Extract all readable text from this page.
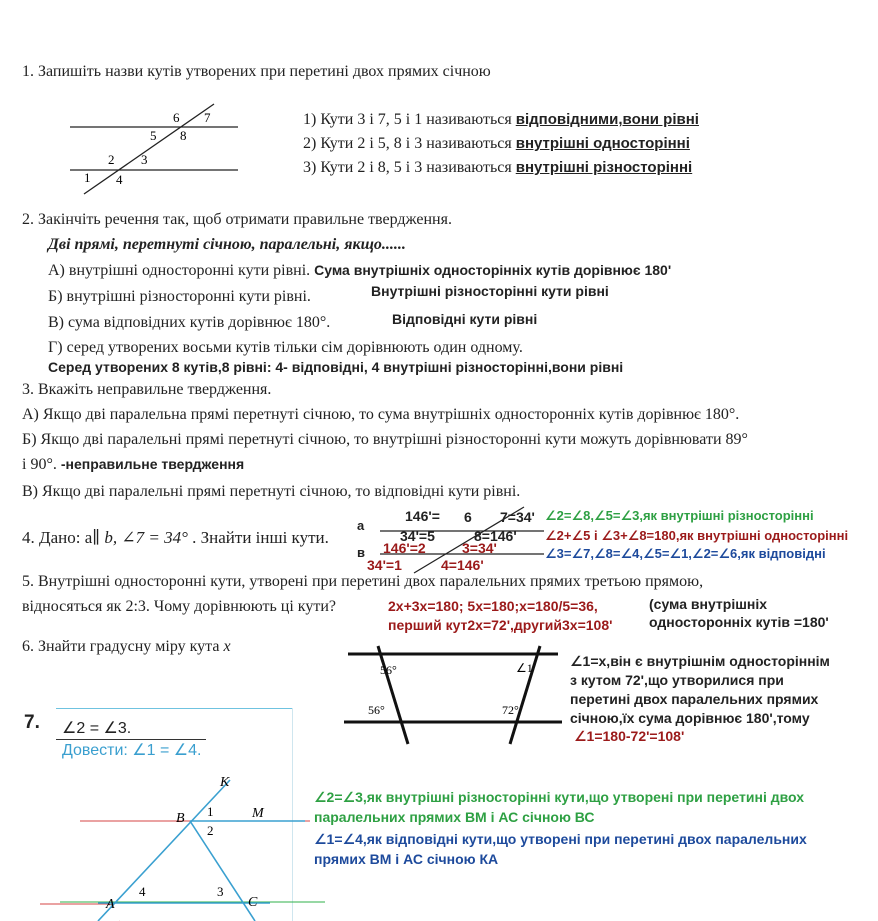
1. Запишіть назви кутів утворених при перетині двох прямих січною
6 7
5 8
2 3
1 4
1) Кути 3 і 7, 5 і 1 називаються відповідними,вони рівні
2) Кути 2 і 5, 8 і 3 називаються внутрішні односторінні
3) Кути 2 і 8, 5 і 3 називаються внутрішні різносторінні
2. Закінчіть речення так, щоб отримати правильне твердження.
Дві прямі, перетнуті січною, паралельні, якщо......
А) внутрішні односторонні кути рівні. Сума внутрішніх односторінніх кутів дорівнює 180'
Б) внутрішні різносторонні кути рівні.	Внутрішні різносторінні кути рівні
В) сума відповідних кутів дорівнює 180°.	Відповідні кути рівні
Г) серед утворених восьми кутів тільки сім дорівнюють один одному.
Серед утворених 8 кутів,8 рівні: 4- відповідні, 4 внутрішні різносторінні,вони рівні
3. Вкажіть неправильне твердження.
А) Якщо дві паралельна прямі перетнуті січною, то сума внутрішніх односторонніх кутів дорівнює 180°.
Б) Якщо дві паралельні прямі перетнуті січною, то внутрішні різносторонні кути можуть дорівнювати 89°
і 90°. -неправильне твердження
В) Якщо дві паралельні прямі перетнуті січною, то відповідні кути рівні.
4. Дано: a∥ b, ∠7 = 34° . Знайти інші кути.
а
в
146'= 6 7=34'
34'=5	8=146'
146'=2	3=34'
34'=1	4=146'
∠2=∠8,∠5=∠3,як внутрішні різносторінні
∠2+∠5 і ∠3+∠8=180,як внутрішні односторінні
∠3=∠7,∠8=∠4,∠5=∠1,∠2=∠6,як відповідні
5. Внутрішні односторонні кути, утворені при перетині двох паралельних прямих третьою прямою,
відносяться як 2:3. Чому дорівнюють ці кути?	2х+3х=180; 5х=180;х=180/5=36,
перший кут2х=72',другий3х=108'
(сума внутрішніх
односторонніх кутів =180'
6. Знайти градусну міру кута x
56°
56°	72°
∠1	∠1=x,він є внутрішнім односторіннім
з кутом 72',що утворилися при
перетині двох паралельних прямих
січною,їх сума дорівнює 180',тому
∠1=180-72'=108'
7. ∠2 = ∠3.
Довести: ∠1 = ∠4.
K
B	M
A	C
1
2
3
4
∠2=∠3,як внутрішні різносторінні кути,що утворені при перетині двох
паралельних прямих ВМ і АС січною ВС
∠1=∠4,як відповідні кути,що утворені при перетині двох паралельних
прямих ВМ і АС січною КА
